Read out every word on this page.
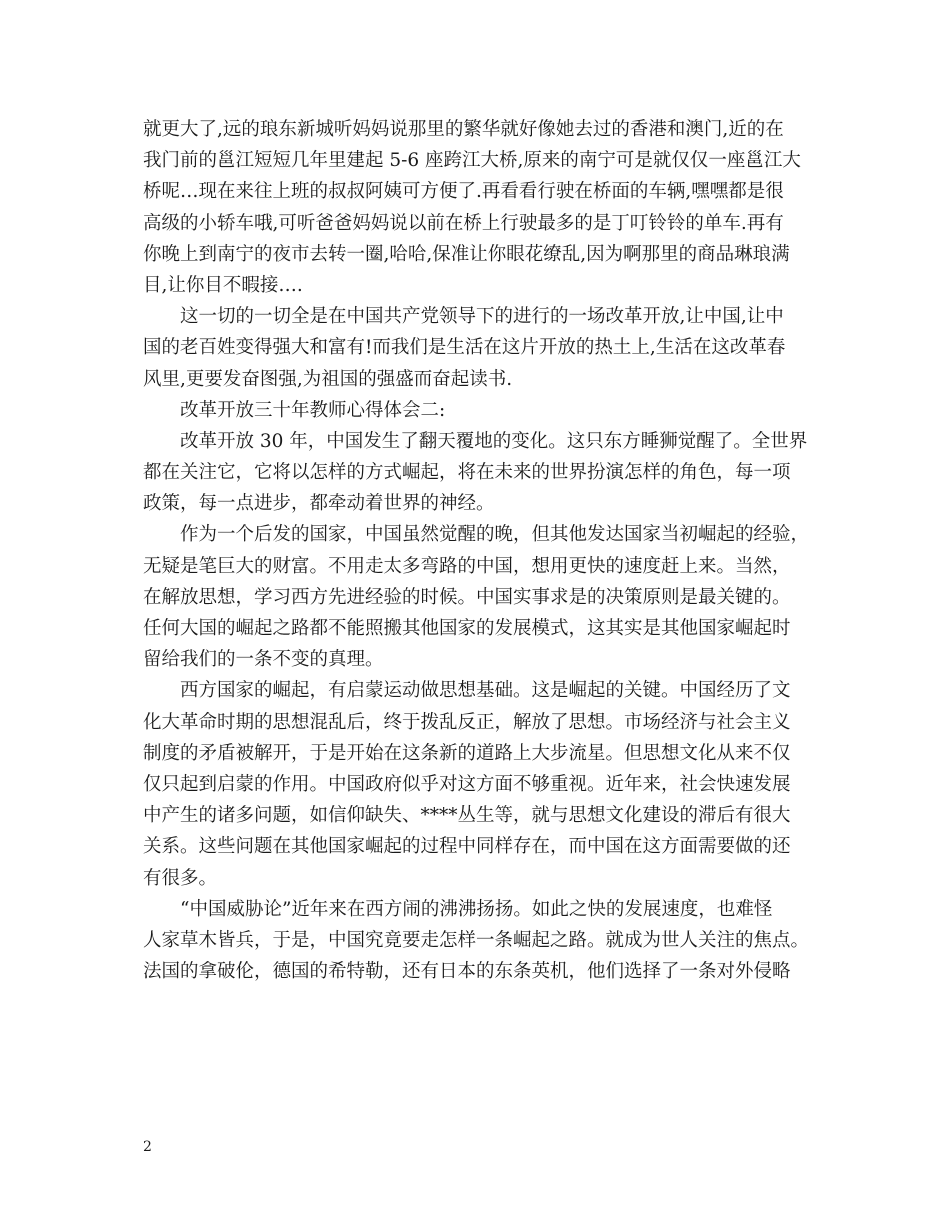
就更大了,远的琅东新城听妈妈说那里的繁华就好像她去过的香港和澳门,近的在
我门前的邕江短短几年里建起 5-6 座跨江大桥,原来的南宁可是就仅仅一座邕江大
桥呢…现在来往上班的叔叔阿姨可方便了.再看看行驶在桥面的车辆,嘿嘿都是很
高级的小轿车哦,可听爸爸妈妈说以前在桥上行驶最多的是丁叮铃铃的单车.再有
你晚上到南宁的夜市去转一圈,哈哈,保准让你眼花缭乱,因为啊那里的商品琳琅满
目,让你目不暇接….
这一切的一切全是在中国共产党领导下的进行的一场改革开放,让中国,让中
国的老百姓变得强大和富有!而我们是生活在这片开放的热土上,生活在这改革春
风里,更要发奋图强,为祖国的强盛而奋起读书.
改革开放三十年教师心得体会二:
改革开放 30 年，中国发生了翻天覆地的变化。这只东方睡狮觉醒了。全世界
都在关注它，它将以怎样的方式崛起，将在未来的世界扮演怎样的角色，每一项
政策，每一点进步，都牵动着世界的神经。
作为一个后发的国家，中国虽然觉醒的晚，但其他发达国家当初崛起的经验，
无疑是笔巨大的财富。不用走太多弯路的中国，想用更快的速度赶上来。当然，
在解放思想，学习西方先进经验的时候。中国实事求是的决策原则是最关键的。
任何大国的崛起之路都不能照搬其他国家的发展模式，这其实是其他国家崛起时
留给我们的一条不变的真理。
西方国家的崛起，有启蒙运动做思想基础。这是崛起的关键。中国经历了文
化大革命时期的思想混乱后，终于拨乱反正，解放了思想。市场经济与社会主义
制度的矛盾被解开，于是开始在这条新的道路上大步流星。但思想文化从来不仅
仅只起到启蒙的作用。中国政府似乎对这方面不够重视。近年来，社会快速发展
中产生的诸多问题，如信仰缺失、****丛生等，就与思想文化建设的滞后有很大
关系。这些问题在其他国家崛起的过程中同样存在，而中国在这方面需要做的还
有很多。
“中国威胁论”近年来在西方闹的沸沸扬扬。如此之快的发展速度，也难怪
人家草木皆兵，于是，中国究竟要走怎样一条崛起之路。就成为世人关注的焦点。
法国的拿破伦，德国的希特勒，还有日本的东条英机，他们选择了一条对外侵略
2
